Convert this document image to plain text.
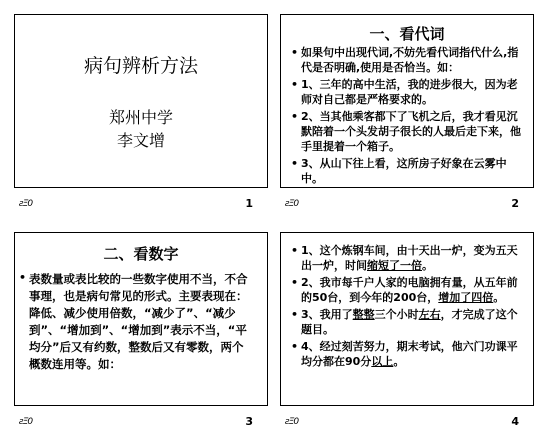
病句辨析方法
郑州中学
李文增
ƨΞ0	1
一、看代词
• 如果句中出现代词,不妨先看代词指代什么,指代是否明确,使用是否恰当。如：
• 1、三年的高中生活，我的进步很大，因为老师对自己都是严格要求的。
• 2、当其他乘客都下了飞机之后，我才看见沉默陪着一个头发胡子很长的人最后走下来，他手里提着一个箱子。
• 3、从山下往上看，这所房子好象在云雾中中。
ƨΞ0	2
二、看数字
• 表数量或表比较的一些数字使用不当，不合事理，也是病句常见的形式。主要表现在：降低、减少使用倍数，“减少了”、“减少到”、“增加到”、“增加到”表示不当，“平均分”后又有约数，整数后又有零数，两个概数连用等。如：
ƨΞ0	3
• 1、这个炼钢车间，由十天出一炉，变为五天出一炉，时间缩短了一倍。
• 2、我市每千户人家的电脑拥有量，从五年前的50台，到今年的200台，增加了四倍。
• 3、我用了整整三个小时左右，才完成了这个题目。
• 4、经过刻苦努力，期末考试，他六门功课平均分都在90分以上。
ƨΞ0	4
